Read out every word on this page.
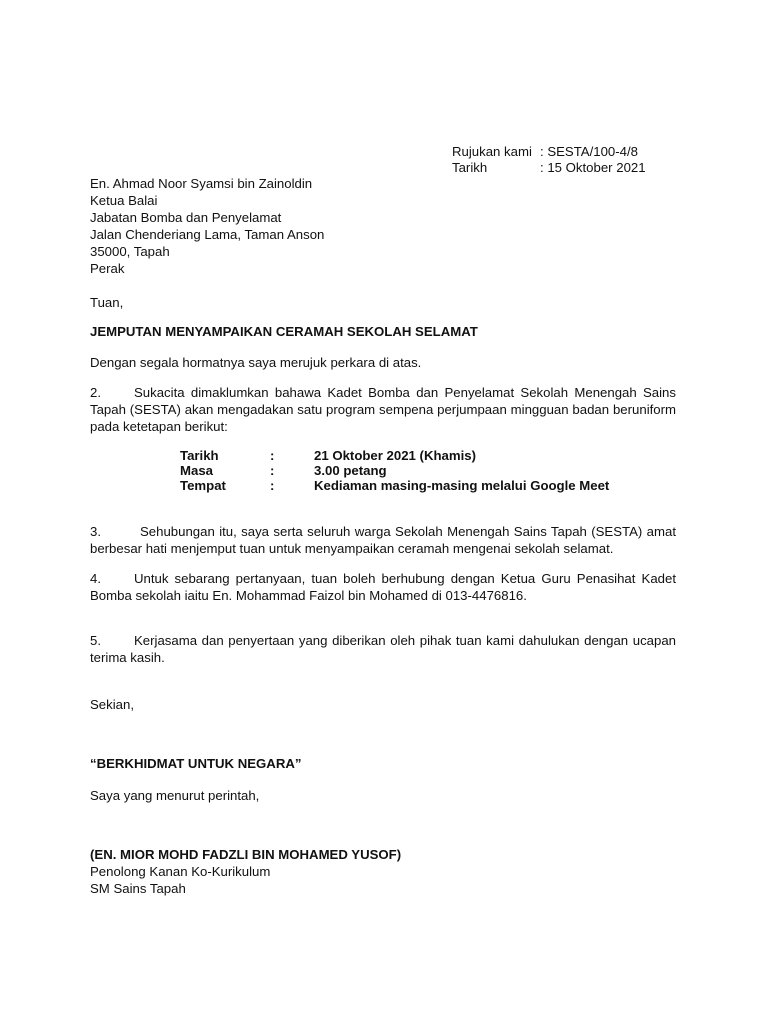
Rujukan kami : SESTA/100-4/8
Tarikh	: 15 Oktober 2021
En. Ahmad Noor Syamsi bin Zainoldin
Ketua Balai
Jabatan Bomba dan Penyelamat
Jalan Chenderiang Lama, Taman Anson
35000, Tapah
Perak
Tuan,
JEMPUTAN MENYAMPAIKAN CERAMAH SEKOLAH SELAMAT
Dengan segala hormatnya saya merujuk perkara di atas.
2.	Sukacita dimaklumkan bahawa Kadet Bomba dan Penyelamat Sekolah Menengah Sains Tapah (SESTA) akan mengadakan satu program sempena perjumpaan mingguan badan beruniform pada ketetapan berikut:
Tarikh	:	21 Oktober 2021 (Khamis)
Masa	:	3.00 petang
Tempat	:	Kediaman masing-masing melalui Google Meet
3.	Sehubungan itu, saya serta seluruh warga Sekolah Menengah Sains Tapah (SESTA) amat berbesar hati menjemput tuan untuk menyampaikan ceramah mengenai sekolah selamat.
4.	Untuk sebarang pertanyaan, tuan boleh berhubung dengan Ketua Guru Penasihat Kadet Bomba sekolah iaitu En. Mohammad Faizol bin Mohamed di 013-4476816.
5.	Kerjasama dan penyertaan yang diberikan oleh pihak tuan kami dahulukan dengan ucapan terima kasih.
Sekian,
“BERKHIDMAT UNTUK NEGARA”
Saya yang menurut perintah,
(EN. MIOR MOHD FADZLI BIN MOHAMED YUSOF)
Penolong Kanan Ko-Kurikulum
SM Sains Tapah
